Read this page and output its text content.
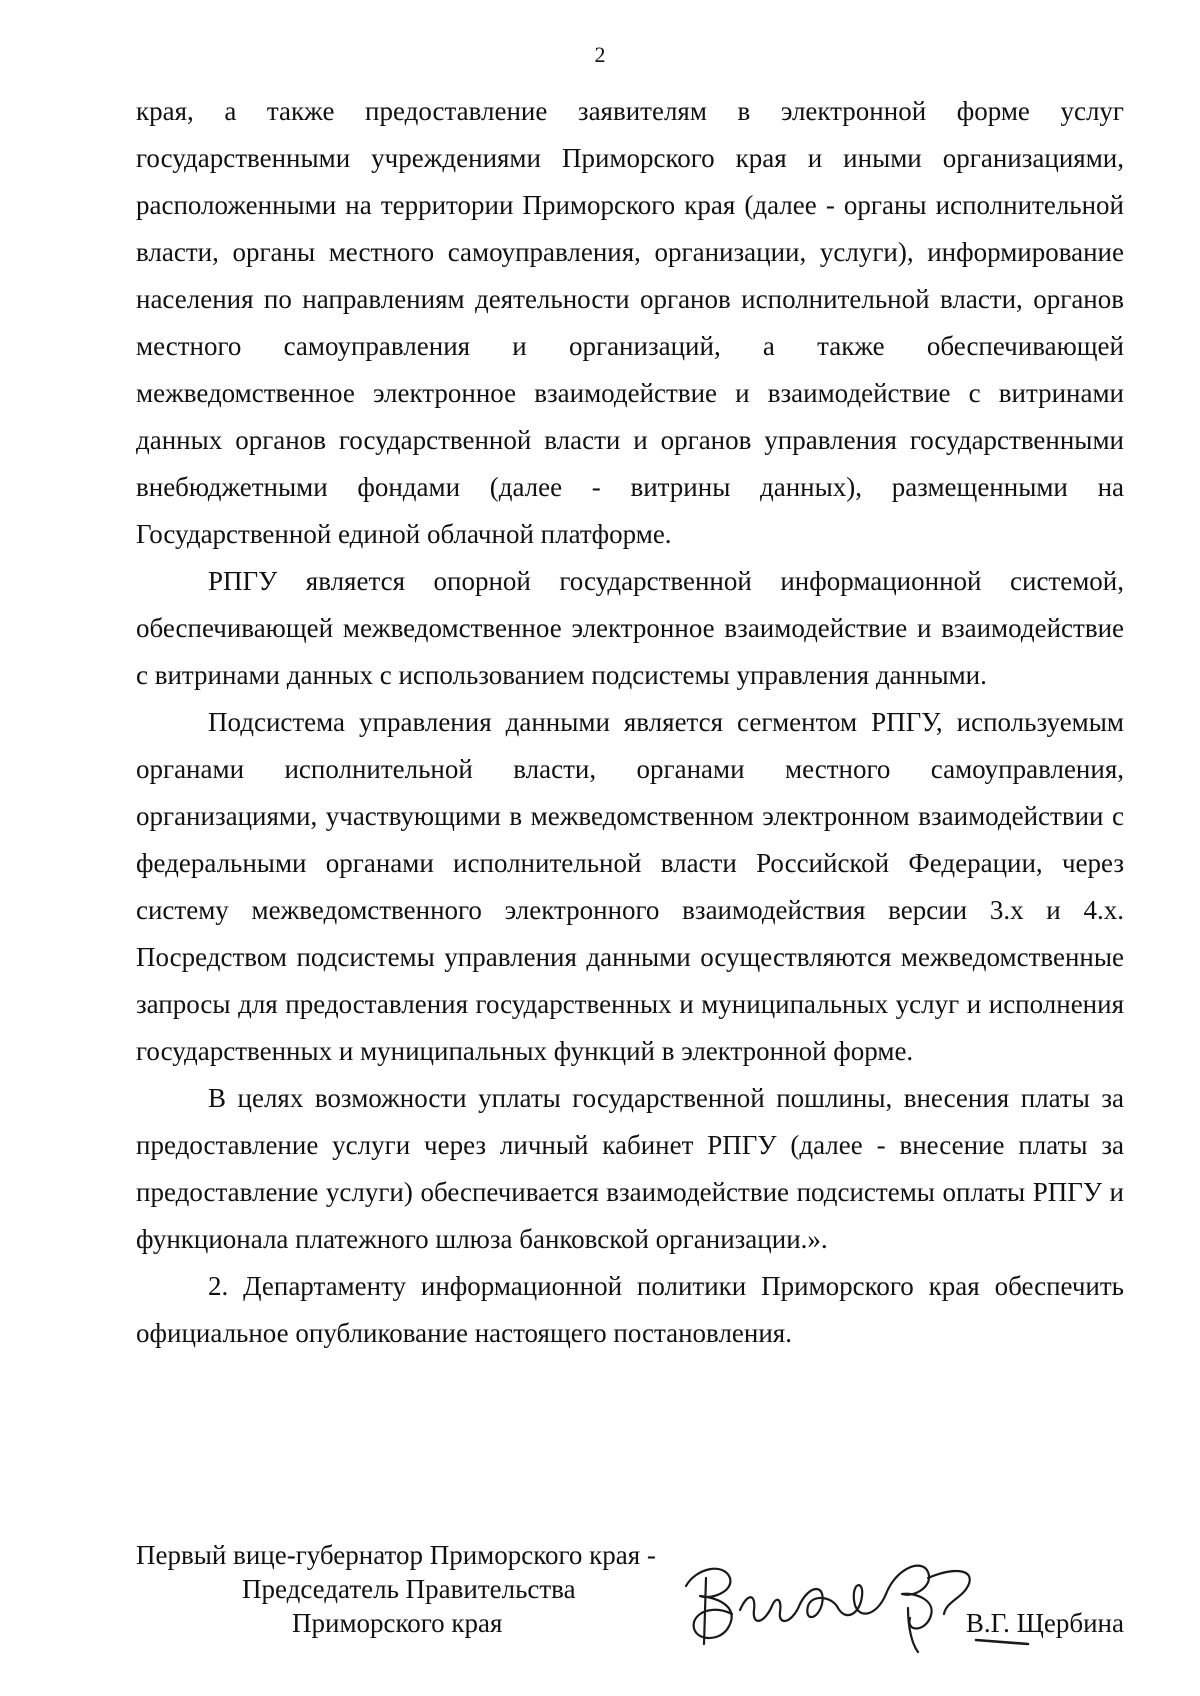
2

края, а также предоставление заявителям в электронной форме услуг государственными учреждениями Приморского края и иными организациями, расположенными на территории Приморского края (далее - органы исполнительной власти, органы местного самоуправления, организации, услуги), информирование населения по направлениям деятельности органов исполнительной власти, органов местного самоуправления и организаций, а также обеспечивающей межведомственное электронное взаимодействие и взаимодействие с витринами данных органов государственной власти и органов управления государственными внебюджетными фондами (далее - витрины данных), размещенными на Государственной единой облачной платформе.

РПГУ является опорной государственной информационной системой, обеспечивающей межведомственное электронное взаимодействие и взаимодействие с витринами данных с использованием подсистемы управления данными.

Подсистема управления данными является сегментом РПГУ, используемым органами исполнительной власти, органами местного самоуправления, организациями, участвующими в межведомственном электронном взаимодействии с федеральными органами исполнительной власти Российской Федерации, через систему межведомственного электронного взаимодействия версии 3.х и 4.х. Посредством подсистемы управления данными осуществляются межведомственные запросы для предоставления государственных и муниципальных услуг и исполнения государственных и муниципальных функций в электронной форме.

В целях возможности уплаты государственной пошлины, внесения платы за предоставление услуги через личный кабинет РПГУ (далее - внесение платы за предоставление услуги) обеспечивается взаимодействие подсистемы оплаты РПГУ и функционала платежного шлюза банковской организации.».

2. Департаменту информационной политики Приморского края обеспечить официальное опубликование настоящего постановления.

Первый вице-губернатор Приморского края -
Председатель Правительства
Приморского края	В.Г. Щербина
